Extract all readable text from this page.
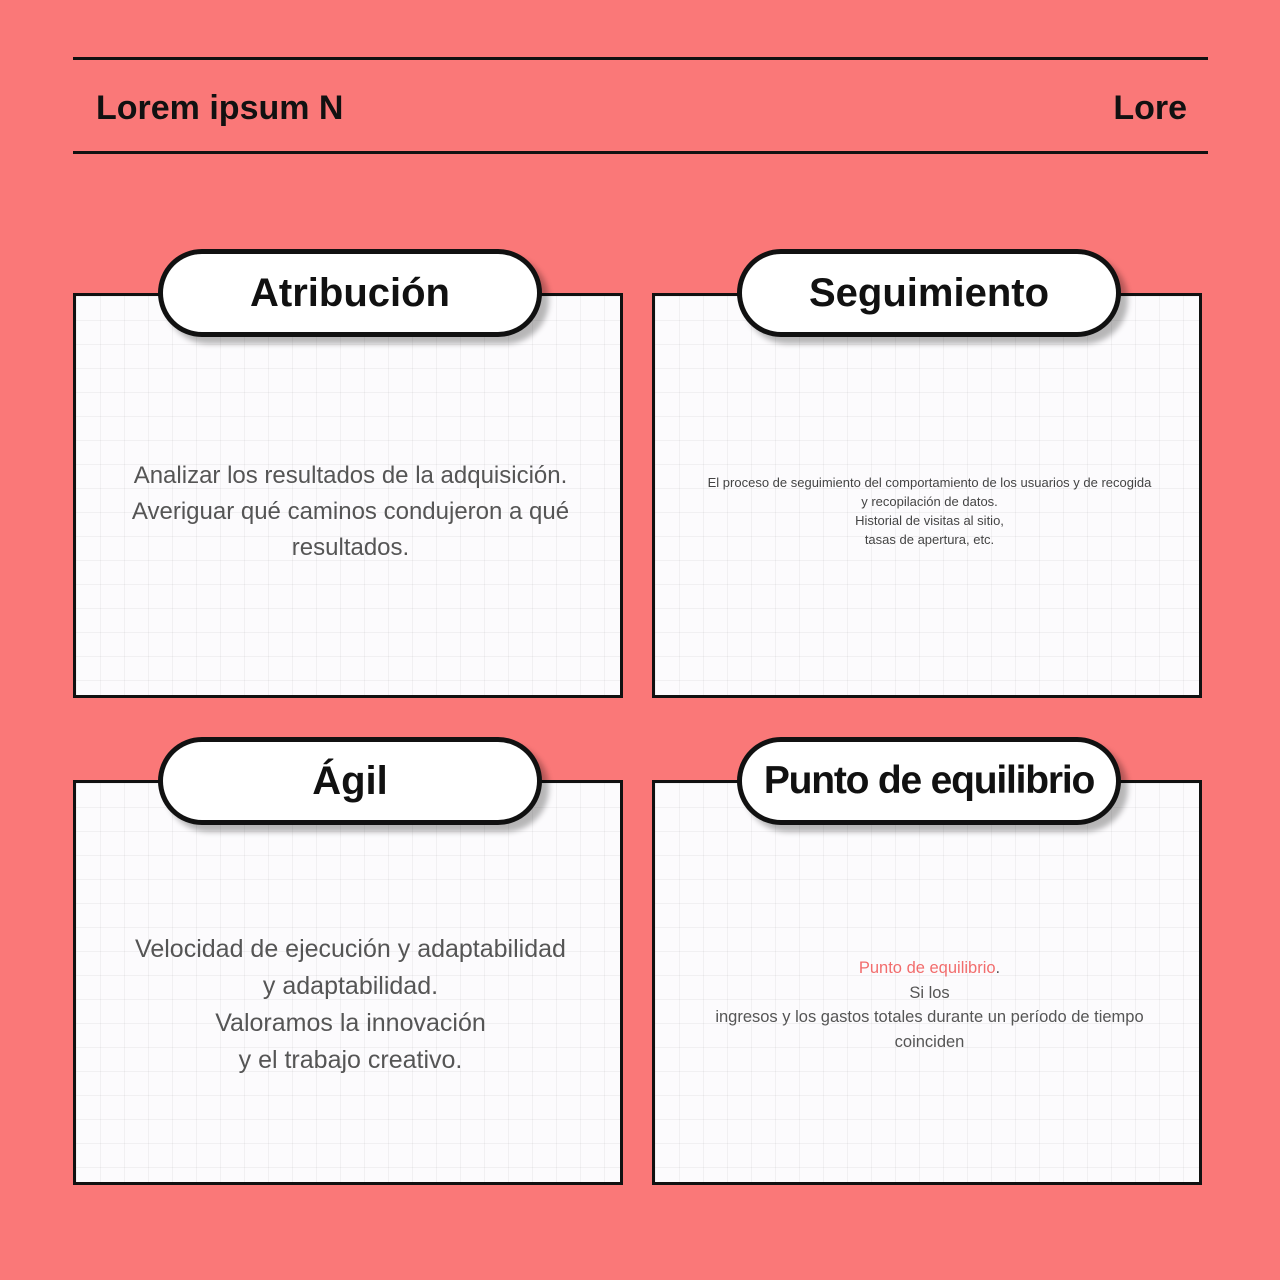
Lorem ipsum N	Lore
Atribución
Analizar los resultados de la adquisición.
Averiguar qué caminos condujeron a qué
resultados.
Seguimiento
El proceso de seguimiento del comportamiento de los usuarios y de recogida
y recopilación de datos.
Historial de visitas al sitio,
tasas de apertura, etc.
Ágil
Velocidad de ejecución y adaptabilidad
y adaptabilidad.
Valoramos la innovación
y el trabajo creativo.
Punto de equilibrio
Punto de equilibrio.
Si los
ingresos y los gastos totales durante un período de tiempo
coinciden
